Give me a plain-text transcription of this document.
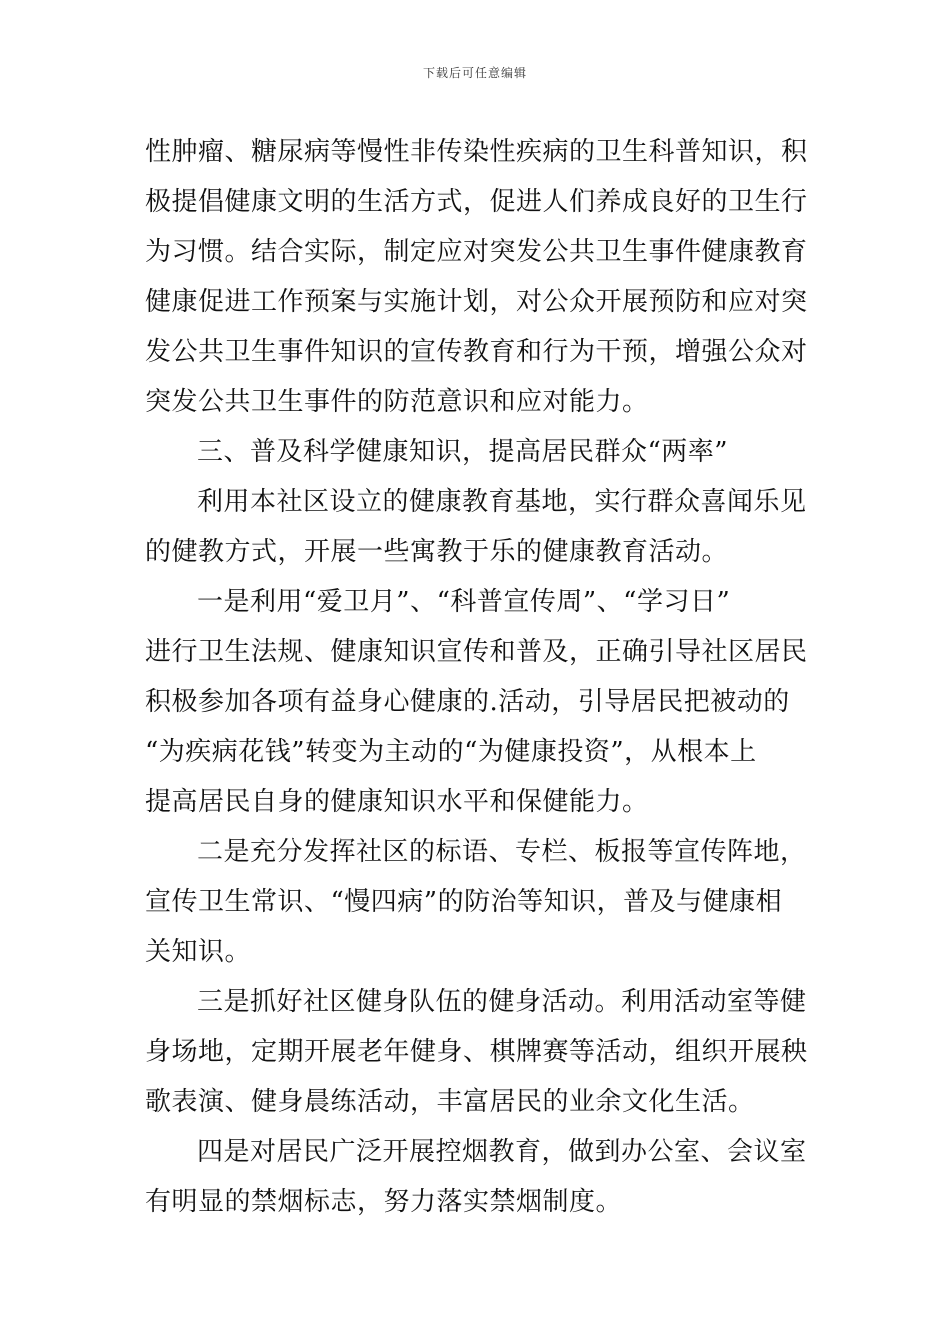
下载后可任意编辑
性肿瘤、糖尿病等慢性非传染性疾病的卫生科普知识，积
极提倡健康文明的生活方式，促进人们养成良好的卫生行
为习惯。结合实际，制定应对突发公共卫生事件健康教育
健康促进工作预案与实施计划，对公众开展预防和应对突
发公共卫生事件知识的宣传教育和行为干预，增强公众对
突发公共卫生事件的防范意识和应对能力。
三、普及科学健康知识，提高居民群众“两率”
利用本社区设立的健康教育基地，实行群众喜闻乐见
的健教方式，开展一些寓教于乐的健康教育活动。
一是利用“爱卫月”、“科普宣传周”、“学习日”
进行卫生法规、健康知识宣传和普及，正确引导社区居民
积极参加各项有益身心健康的.活动，引导居民把被动的
“为疾病花钱”转变为主动的“为健康投资”，从根本上
提高居民自身的健康知识水平和保健能力。
二是充分发挥社区的标语、专栏、板报等宣传阵地，
宣传卫生常识、“慢四病”的防治等知识，普及与健康相
关知识。
三是抓好社区健身队伍的健身活动。利用活动室等健
身场地，定期开展老年健身、棋牌赛等活动，组织开展秧
歌表演、健身晨练活动，丰富居民的业余文化生活。
四是对居民广泛开展控烟教育，做到办公室、会议室
有明显的禁烟标志，努力落实禁烟制度。
